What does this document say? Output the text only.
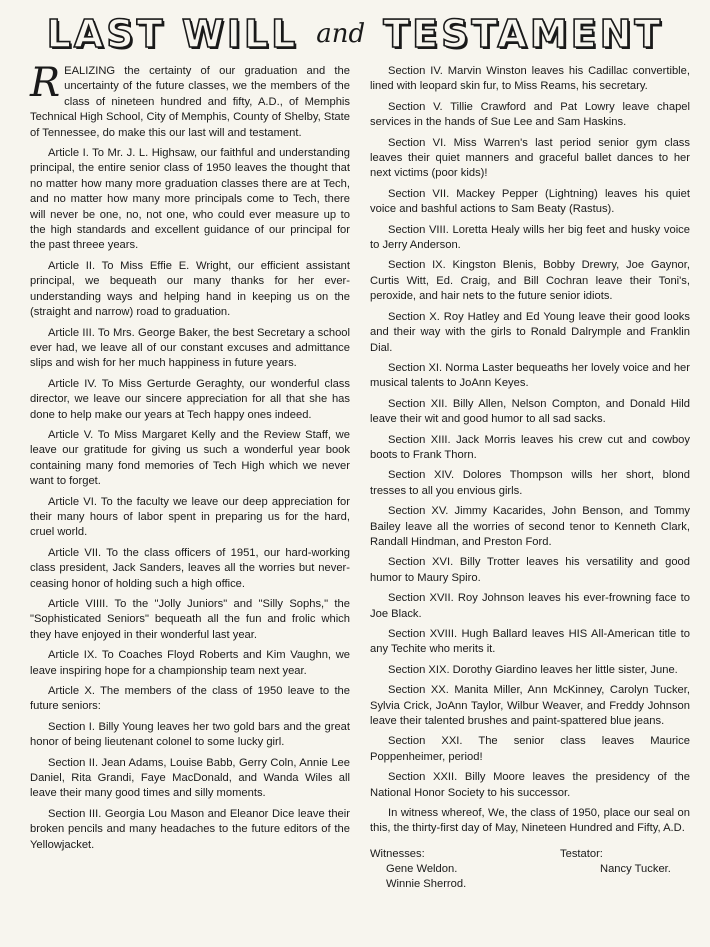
LAST WILL and TESTAMENT

REALIZING the certainty of our graduation and the uncertainty of the future classes, we the members of the class of nineteen hundred and fifty, A.D., of Memphis Technical High School, City of Memphis, County of Shelby, State of Tennessee, do make this our last will and testament.

Article I. To Mr. J. L. Highsaw, our faithful and understanding principal, the entire senior class of 1950 leaves the thought that no matter how many more graduation classes there are at Tech, and no matter how many more principals come to Tech, there will never be one, no, not one, who could ever measure up to the high standards and excellent guidance of our principal for the past threee years.

Article II. To Miss Effie E. Wright, our efficient assistant principal, we bequeath our many thanks for her ever-understanding ways and helping hand in keeping us on the (straight and narrow) road to graduation.

Article III. To Mrs. George Baker, the best Secretary a school ever had, we leave all of our constant excuses and admittance slips and wish for her much happiness in future years.

Article IV. To Miss Gerturde Geraghty, our wonderful class director, we leave our sincere appreciation for all that she has done to help make our years at Tech happy ones indeed.

Article V. To Miss Margaret Kelly and the Review Staff, we leave our gratitude for giving us such a wonderful year book containing many fond memories of Tech High which we never want to forget.

Article VI. To the faculty we leave our deep appreciation for their many hours of labor spent in preparing us for the hard, cruel world.

Article VII. To the class officers of 1951, our hard-working class president, Jack Sanders, leaves all the worries but never-ceasing honor of holding such a high office.

Article VIIII. To the "Jolly Juniors" and "Silly Sophs," the "Sophisticated Seniors" bequeath all the fun and frolic which they have enjoyed in their wonderful last year.

Article IX. To Coaches Floyd Roberts and Kim Vaughn, we leave inspiring hope for a championship team next year.

Article X. The members of the class of 1950 leave to the future seniors:

Section I. Billy Young leaves her two gold bars and the great honor of being lieutenant colonel to some lucky girl.

Section II. Jean Adams, Louise Babb, Gerry Coln, Annie Lee Daniel, Rita Grandi, Faye MacDonald, and Wanda Wiles all leave their many good times and silly moments.

Section III. Georgia Lou Mason and Eleanor Dice leave their broken pencils and many headaches to the future editors of the Yellowjacket.

Section IV. Marvin Winston leaves his Cadillac convertible, lined with leopard skin fur, to Miss Reams, his secretary.

Section V. Tillie Crawford and Pat Lowry leave chapel services in the hands of Sue Lee and Sam Haskins.

Section VI. Miss Warren's last period senior gym class leaves their quiet manners and graceful ballet dances to her next victims (poor kids)!

Section VII. Mackey Pepper (Lightning) leaves his quiet voice and bashful actions to Sam Beaty (Rastus).

Section VIII. Loretta Healy wills her big feet and husky voice to Jerry Anderson.

Section IX. Kingston Blenis, Bobby Drewry, Joe Gaynor, Curtis Witt, Ed. Craig, and Bill Cochran leave their Toni's, peroxide, and hair nets to the future senior idiots.

Section X. Roy Hatley and Ed Young leave their good looks and their way with the girls to Ronald Dalrymple and Franklin Dial.

Section XI. Norma Laster bequeaths her lovely voice and her musical talents to JoAnn Keyes.

Section XII. Billy Allen, Nelson Compton, and Donald Hild leave their wit and good humor to all sad sacks.

Section XIII. Jack Morris leaves his crew cut and cowboy boots to Frank Thorn.

Section XIV. Dolores Thompson wills her short, blond tresses to all you envious girls.

Section XV. Jimmy Kacarides, John Benson, and Tommy Bailey leave all the worries of second tenor to Kenneth Clark, Randall Hindman, and Preston Ford.

Section XVI. Billy Trotter leaves his versatility and good humor to Maury Spiro.

Section XVII. Roy Johnson leaves his ever-frowning face to Joe Black.

Section XVIII. Hugh Ballard leaves HIS All-American title to any Techite who merits it.

Section XIX. Dorothy Giardino leaves her little sister, June.

Section XX. Manita Miller, Ann McKinney, Carolyn Tucker, Sylvia Crick, JoAnn Taylor, Wilbur Weaver, and Freddy Johnson leave their talented brushes and paint-spattered blue jeans.

Section XXI. The senior class leaves Maurice Poppenheimer, period!

Section XXII. Billy Moore leaves the presidency of the National Honor Society to his successor.

In witness whereof, We, the class of 1950, place our seal on this, the thirty-first day of May, Nineteen Hundred and Fifty, A.D.

Witnesses:
Gene Weldon.
Winnie Sherrod.
Testator:
Nancy Tucker.
